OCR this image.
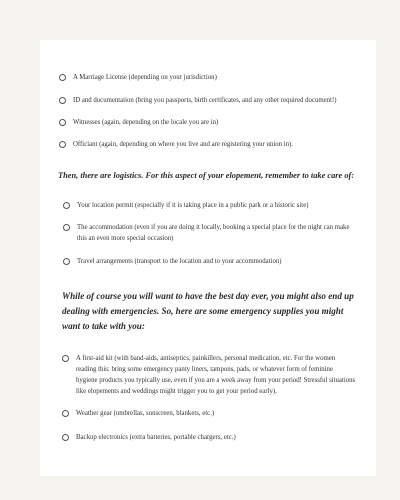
A Marriage License (depending on your jurisdiction)
ID and documentation (bring you passports, birth certificates, and any other required document!)
Witnesses (again, depending on the locale you are in)
Officiant (again, depending on where you live and are registering your union in).
Then, there are logistics. For this aspect of your elopement, remember to take care of:
Your location permit (especially if it is taking place in a public park or a historic site)
The accommodation (even if you are doing it locally, booking a special place for the night can make this an even more special occasion)
Travel arrangements (transport to the location and to your accommodation)
While of course you will want to have the best day ever, you might also end up dealing with emergencies. So, here are some emergency supplies you might want to take with you:
A first-aid kit (with band-aids, antiseptics, painkillers, personal medication, etc. For the women reading this: bring some emergency panty liners, tampons, pads, or whatever form of feminine hygiene products you typically use, even if you are a week away from your period! Stressful situations like elopements and weddings might trigger you to get your period early).
Weather gear (umbrellas, sunscreen, blankets, etc.)
Backup electronics (extra batteries, portable chargers, etc.)
